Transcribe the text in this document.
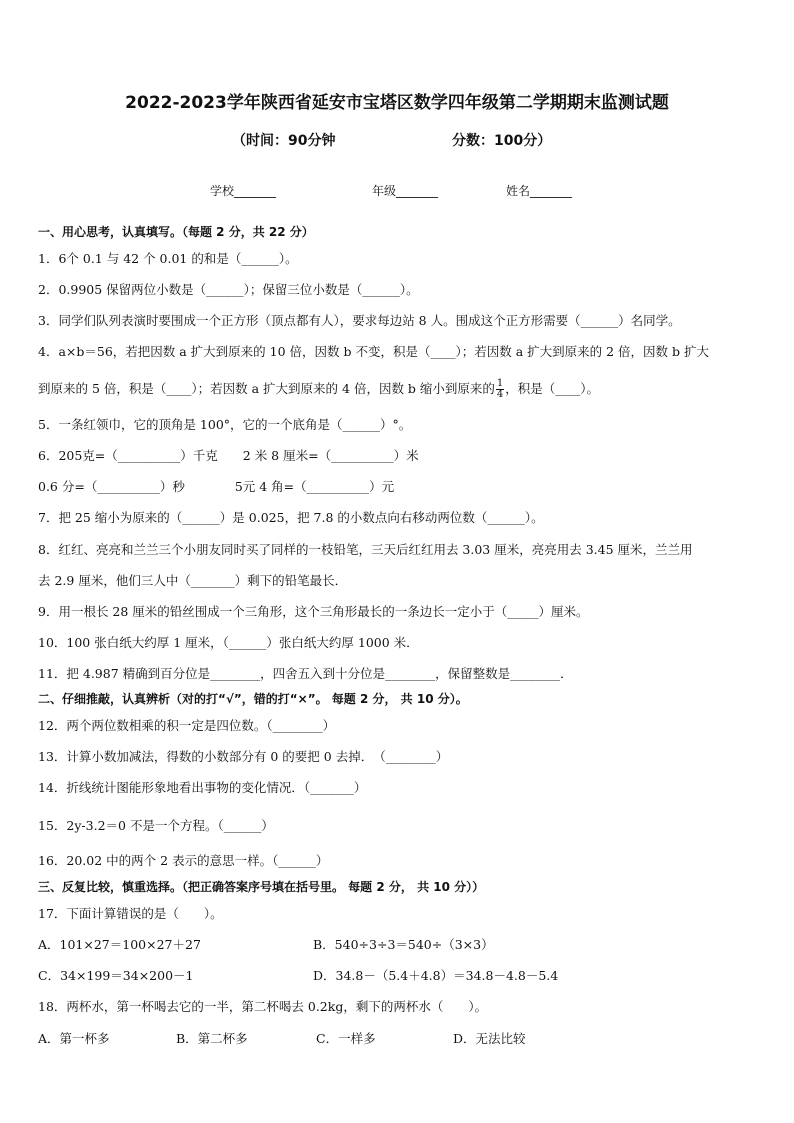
2022-2023学年陕西省延安市宝塔区数学四年级第二学期期末监测试题
（时间：90分钟	分数：100分）
学校_______	年级_______	姓名_______
一、用心思考，认真填写。（每题 2 分，共 22 分）
1．6个 0.1 与 42 个 0.01 的和是（______）。
2．0.9905 保留两位小数是（______）；保留三位小数是（______）。
3．同学们队列表演时要围成一个正方形（顶点都有人），要求每边站 8 人。围成这个正方形需要（______）名同学。
4．a×b＝56，若把因数 a 扩大到原来的 10 倍，因数 b 不变，积是（____）；若因数 a 扩大到原来的 2 倍，因数 b 扩大
到原来的 5 倍，积是（____）；若因数 a 扩大到原来的 4 倍，因数 b 缩小到原来的 $\frac{1}{4}$ ，积是（____）。
5．一条红领巾，它的顶角是 100°，它的一个底角是（______）°。
6．205克=（__________）千克　　2 米 8 厘米=（__________）米
0.6 分=（__________）秒　　　　5元 4 角=（__________）元
7．把 25 缩小为原来的（______）是 0.025，把 7.8 的小数点向右移动两位数（______）。
8．红红、亮亮和兰兰三个小朋友同时买了同样的一枝铅笔，三天后红红用去 3.03 厘米，亮亮用去 3.45 厘米，兰兰用
去 2.9 厘米，他们三人中（_______）剩下的铅笔最长．
9．用一根长 28 厘米的铅丝围成一个三角形，这个三角形最长的一条边长一定小于（_____）厘米。
10．100 张白纸大约厚 1 厘米，（______）张白纸大约厚 1000 米．
11．把 4.987 精确到百分位是________，四舍五入到十分位是________，保留整数是________．
二、仔细推敲，认真辨析（对的打“√”，错的打“×”。 每题 2 分， 共 10 分）。
12．两个两位数相乘的积一定是四位数。（________）
13．计算小数加减法，得数的小数部分有 0 的要把 0 去掉．　（________）
14．折线统计图能形象地看出事物的变化情况．（_______）
15．2y-3.2＝0 不是一个方程。（______）
16．20.02 中的两个 2 表示的意思一样。（______）
三、反复比较，慎重选择。（把正确答案序号填在括号里。 每题 2 分， 共 10 分））
17．下面计算错误的是（　　）。
A．101×27＝100×27＋27	B．540÷3÷3＝540÷（3×3）
C．34×199＝34×200－1	D．34.8－（5.4＋4.8）＝34.8－4.8－5.4
18．两杯水，第一杯喝去它的一半，第二杯喝去 0.2kg，剩下的两杯水（　　）。
A．第一杯多	B．第二杯多	C．一样多	D．无法比较
